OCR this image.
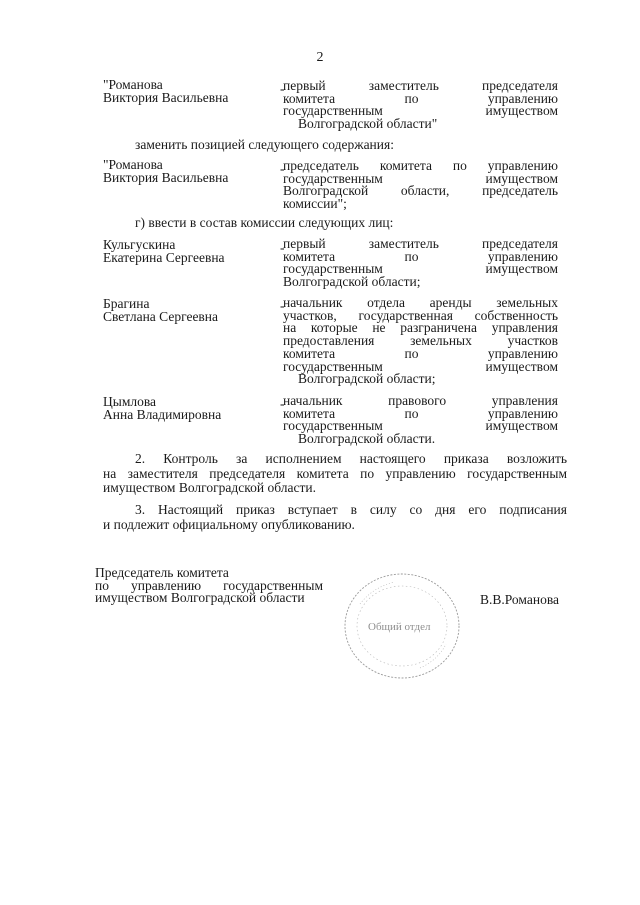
2
"Романова
Виктория Васильевна
-
первый заместитель председателя
комитета по управлению
государственным имуществом
Волгоградской области"
заменить позицией следующего содержания:
"Романова
Виктория Васильевна
-
председатель комитета по управлению
государственным имуществом
Волгоградской области, председатель
комиссии";
г) ввести в состав комиссии следующих лиц:
Кульгускина
Екатерина Сергеевна
-
первый заместитель председателя
комитета по управлению
государственным имуществом
Волгоградской области;
Брагина
Светлана Сергеевна
-
начальник отдела аренды земельных
участков, государственная собственность
на которые не разграничена управления
предоставления земельных участков
комитета по управлению
государственным имуществом
Волгоградской области;
Цымлова
Анна Владимировна
-
начальник правового управления
комитета по управлению
государственным имуществом
Волгоградской области.
2. Контроль за исполнением настоящего приказа возложить
на заместителя председателя комитета по управлению государственным
имуществом Волгоградской области.
3. Настоящий приказ вступает в силу со дня его подписания
и подлежит официальному опубликованию.
Председатель комитета
по управлению государственным
имуществом Волгоградской области	В.В.Романова
Общий отдел
